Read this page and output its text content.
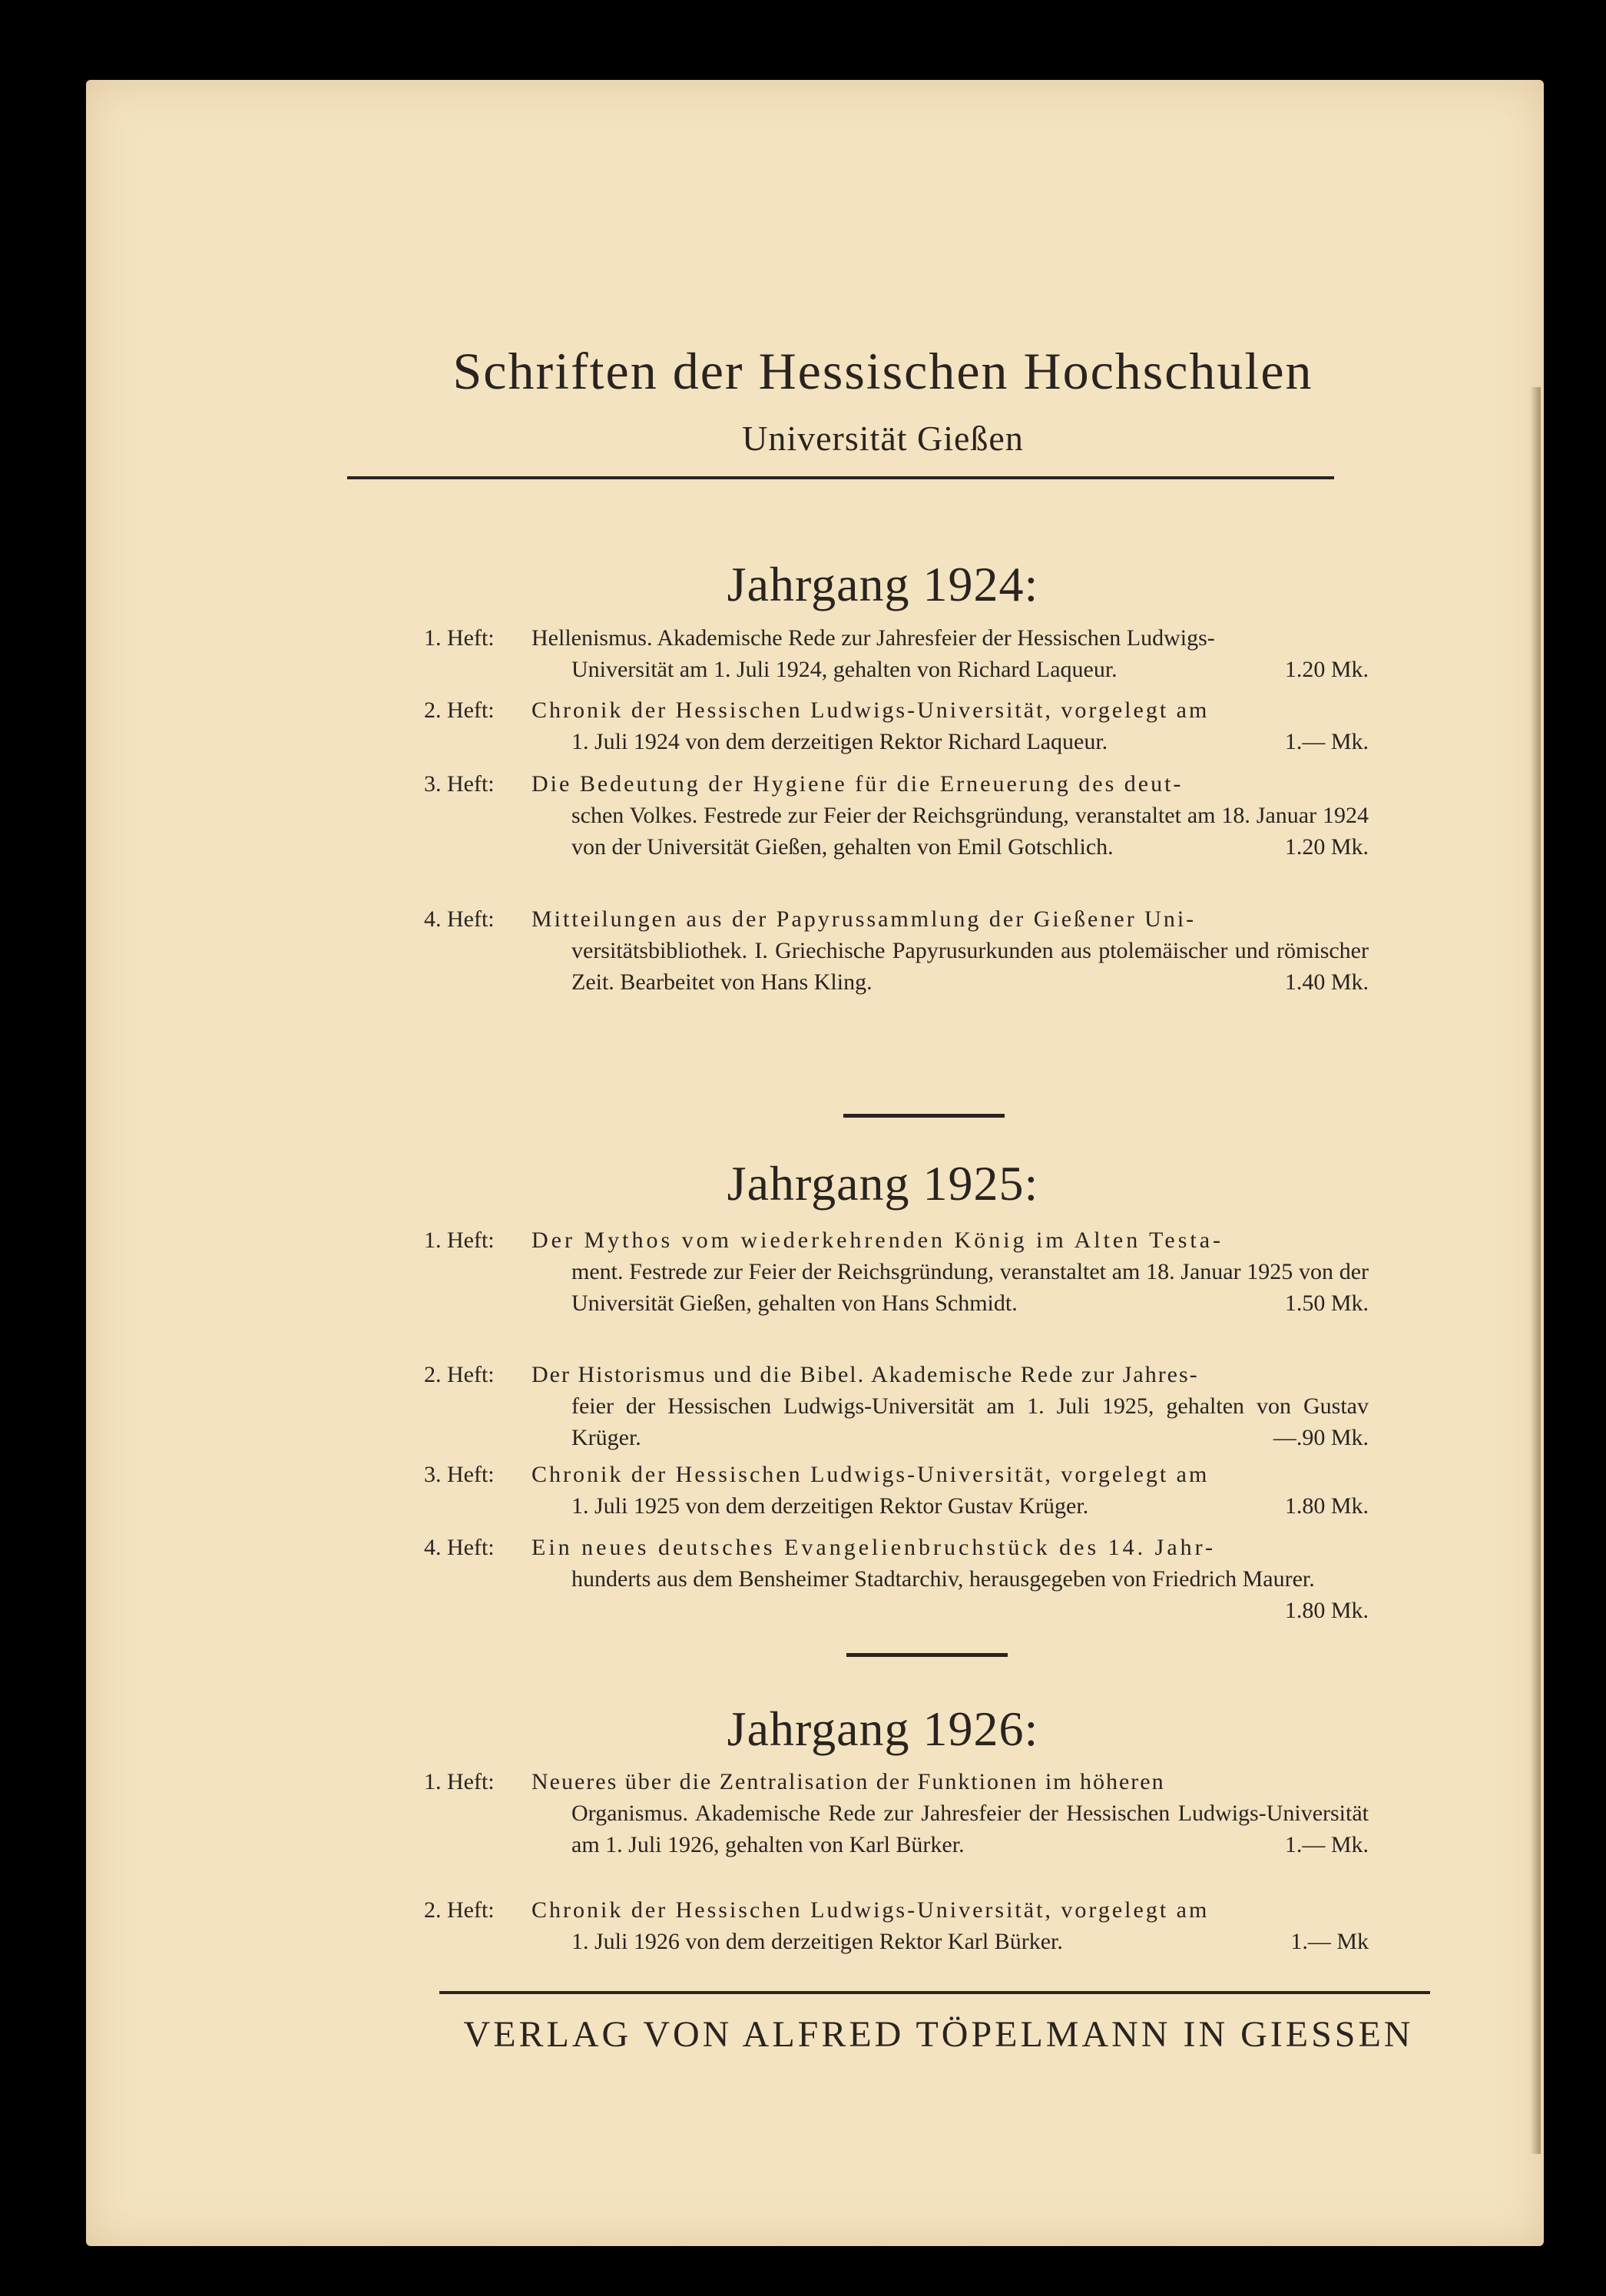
Schriften der Hessischen Hochschulen
Universität Gießen
Jahrgang 1924:
1. Heft:	Hellenismus. Akademische Rede zur Jahresfeier der Hessischen Ludwigs-
Universität am 1. Juli 1924, gehalten von Richard Laqueur.	1.20 Mk.
2. Heft:	Chronik der Hessischen Ludwigs-Universität, vorgelegt am
1. Juli 1924 von dem derzeitigen Rektor Richard Laqueur.	1.— Mk.
3. Heft:	Die Bedeutung der Hygiene für die Erneuerung des deut-
schen Volkes. Festrede zur Feier der Reichsgründung, veranstaltet am 18. Januar 1924 von der Universität Gießen, gehalten von Emil Gotschlich.	1.20 Mk.
4. Heft:	Mitteilungen aus der Papyrussammlung der Gießener Uni-
versitätsbibliothek. I. Griechische Papyrusurkunden aus ptolemäischer und römischer Zeit. Bearbeitet von Hans Kling.	1.40 Mk.
Jahrgang 1925:
1. Heft:	Der Mythos vom wiederkehrenden König im Alten Testa-
ment. Festrede zur Feier der Reichsgründung, veranstaltet am 18. Januar 1925 von der Universität Gießen, gehalten von Hans Schmidt.	1.50 Mk.
2. Heft:	Der Historismus und die Bibel. Akademische Rede zur Jahres-
feier der Hessischen Ludwigs-Universität am 1. Juli 1925, gehalten von Gustav Krüger.	—.90 Mk.
3. Heft:	Chronik der Hessischen Ludwigs-Universität, vorgelegt am
1. Juli 1925 von dem derzeitigen Rektor Gustav Krüger.	1.80 Mk.
4. Heft:	Ein neues deutsches Evangelienbruchstück des 14. Jahr-
hunderts aus dem Bensheimer Stadtarchiv, herausgegeben von Friedrich Maurer.
1.80 Mk.
Jahrgang 1926:
1. Heft:	Neueres über die Zentralisation der Funktionen im höheren
Organismus. Akademische Rede zur Jahresfeier der Hessischen Ludwigs-Universität am 1. Juli 1926, gehalten von Karl Bürker.	1.— Mk.
2. Heft:	Chronik der Hessischen Ludwigs-Universität, vorgelegt am
1. Juli 1926 von dem derzeitigen Rektor Karl Bürker.	1.— Mk
VERLAG VON ALFRED TÖPELMANN IN GIESSEN
